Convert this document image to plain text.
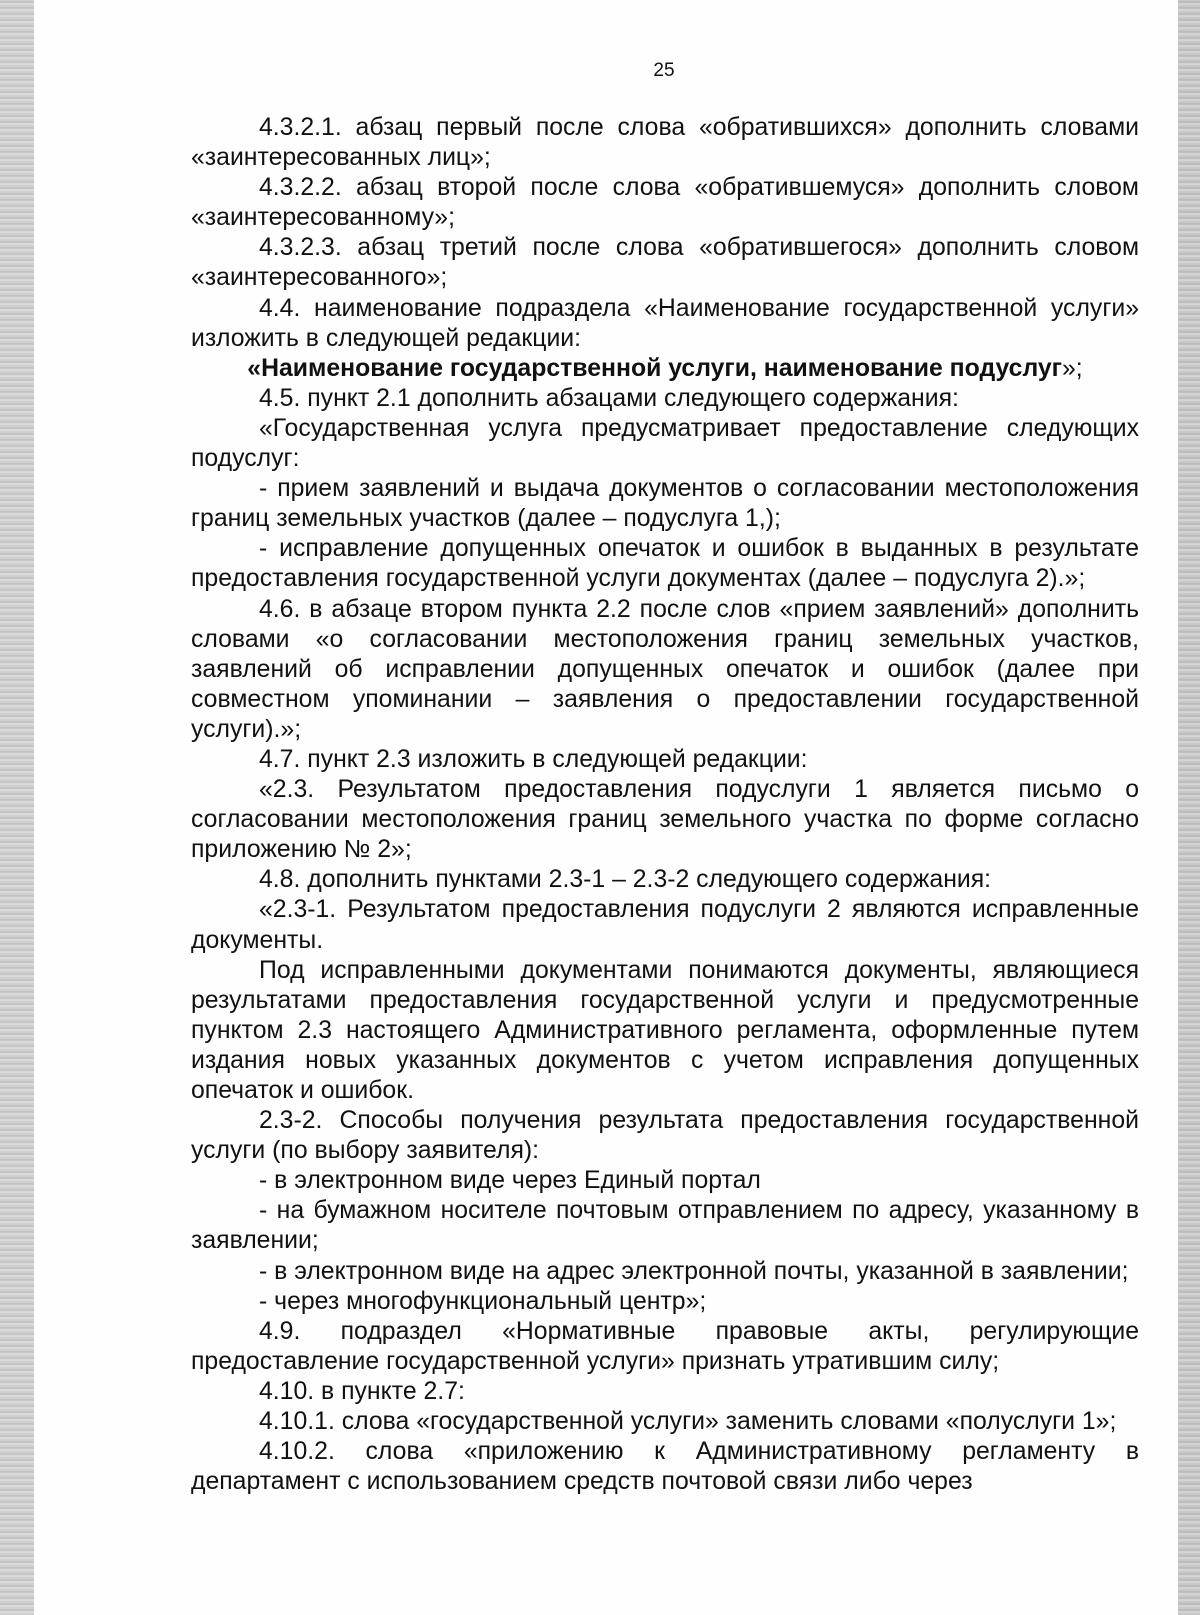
25

4.3.2.1. абзац первый после слова «обратившихся» дополнить словами «заинтересованных лиц»;

4.3.2.2. абзац второй после слова «обратившемуся» дополнить словом «заинтересованному»;

4.3.2.3. абзац третий после слова «обратившегося» дополнить словом «заинтересованного»;

4.4. наименование подраздела «Наименование государственной услуги» изложить в следующей редакции:

«Наименование государственной услуги, наименование подуслуг»;

4.5. пункт 2.1 дополнить абзацами следующего содержания:

«Государственная услуга предусматривает предоставление следующих подуслуг:

- прием заявлений и выдача документов о согласовании местоположения границ земельных участков (далее – подуслуга 1,);

- исправление допущенных опечаток и ошибок в выданных в результате предоставления государственной услуги документах (далее – подуслуга 2).»;

4.6. в абзаце втором пункта 2.2 после слов «прием заявлений» дополнить словами «о согласовании местоположения границ земельных участков, заявлений об исправлении допущенных опечаток и ошибок (далее при совместном упоминании – заявления о предоставлении государственной услуги).»;

4.7. пункт 2.3 изложить в следующей редакции:

«2.3. Результатом предоставления подуслуги 1 является письмо о согласовании местоположения границ земельного участка по форме согласно приложению № 2»;

4.8. дополнить пунктами 2.3-1 – 2.3-2 следующего содержания:

«2.3-1. Результатом предоставления подуслуги 2 являются исправленные документы.

Под исправленными документами понимаются документы, являющиеся результатами предоставления государственной услуги и предусмотренные пунктом 2.3 настоящего Административного регламента, оформленные путем издания новых указанных документов с учетом исправления допущенных опечаток и ошибок.

2.3-2. Способы получения результата предоставления государственной услуги (по выбору заявителя):

- в электронном виде через Единый портал

- на бумажном носителе почтовым отправлением по адресу, указанному в заявлении;

- в электронном виде на адрес электронной почты, указанной в заявлении;

- через многофункциональный центр»;

4.9. подраздел «Нормативные правовые акты, регулирующие предоставление государственной услуги» признать утратившим силу;

4.10. в пункте 2.7:

4.10.1. слова «государственной услуги» заменить словами «полуслуги 1»;

4.10.2. слова «приложению к Административному регламенту в департамент с использованием средств почтовой связи либо через
